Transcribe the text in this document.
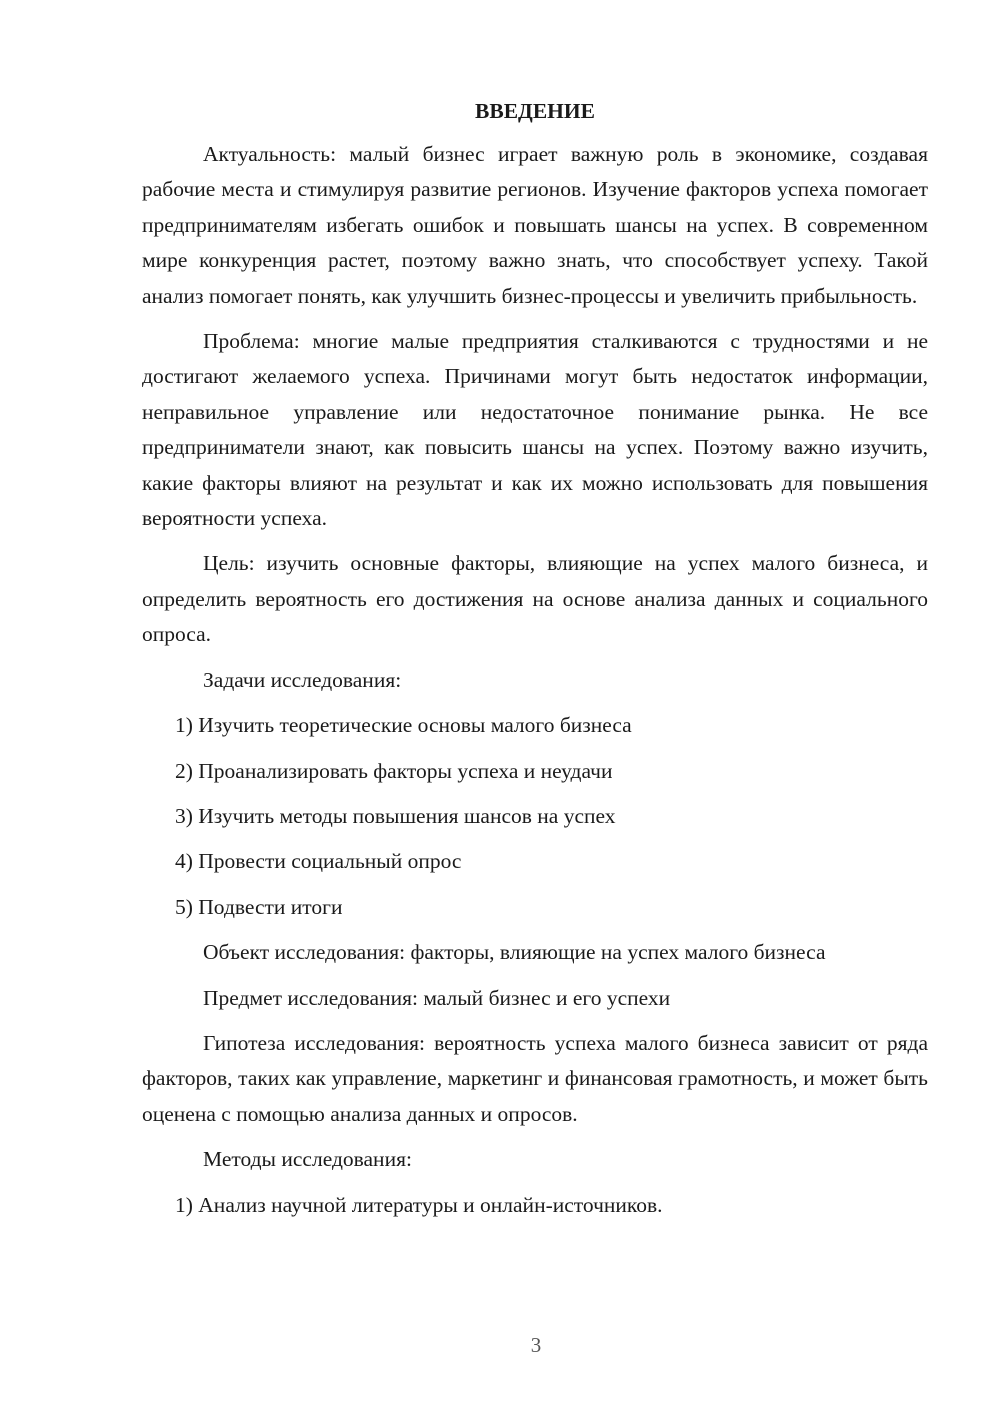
ВВЕДЕНИЕ

Актуальность: малый бизнес играет важную роль в экономике, создавая рабочие места и стимулируя развитие регионов. Изучение факторов успеха помогает предпринимателям избегать ошибок и повышать шансы на успех. В современном мире конкуренция растет, поэтому важно знать, что способствует успеху. Такой анализ помогает понять, как улучшить бизнес-процессы и увеличить прибыльность.

Проблема: многие малые предприятия сталкиваются с трудностями и не достигают желаемого успеха. Причинами могут быть недостаток информации, неправильное управление или недостаточное понимание рынка. Не все предприниматели знают, как повысить шансы на успех. Поэтому важно изучить, какие факторы влияют на результат и как их можно использовать для повышения вероятности успеха.

Цель: изучить основные факторы, влияющие на успех малого бизнеса, и определить вероятность его достижения на основе анализа данных и социального опроса.

Задачи исследования:

1) Изучить теоретические основы малого бизнеса

2) Проанализировать факторы успеха и неудачи

3) Изучить методы повышения шансов на успех

4) Провести социальный опрос

5) Подвести итоги

Объект исследования: факторы, влияющие на успех малого бизнеса

Предмет исследования: малый бизнес и его успехи

Гипотеза исследования: вероятность успеха малого бизнеса зависит от ряда факторов, таких как управление, маркетинг и финансовая грамотность, и может быть оценена с помощью анализа данных и опросов.

Методы исследования:

1) Анализ научной литературы и онлайн-источников.

3
